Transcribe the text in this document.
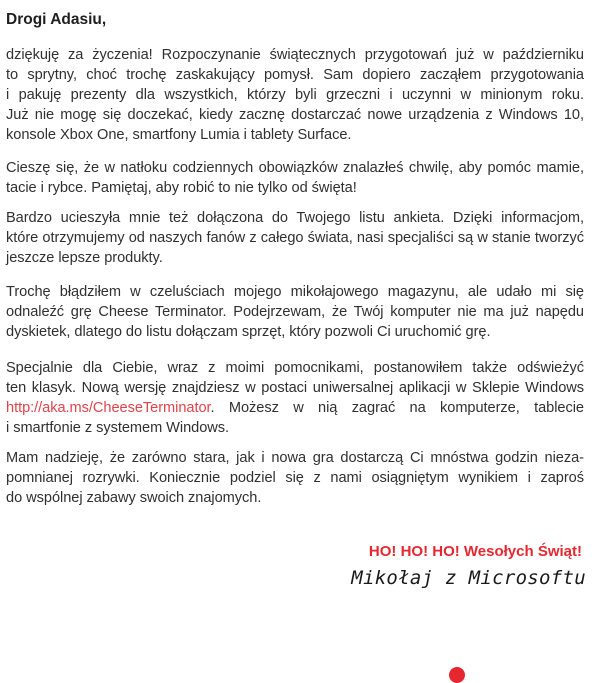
Drogi Adasiu,
dziękuję za życzenia! Rozpoczynanie świątecznych przygotowań już w październiku
to sprytny, choć trochę zaskakujący pomysł. Sam dopiero zacząłem przygotowania
i pakuję prezenty dla wszystkich, którzy byli grzeczni i uczynni w minionym roku.
Już nie mogę się doczekać, kiedy zacznę dostarczać nowe urządzenia z Windows 10,
konsole Xbox One, smartfony Lumia i tablety Surface.
Cieszę się, że w natłoku codziennych obowiązków znalazłeś chwilę, aby pomóc mamie,
tacie i rybce. Pamiętaj, aby robić to nie tylko od święta!
Bardzo ucieszyła mnie też dołączona do Twojego listu ankieta. Dzięki informacjom,
które otrzymujemy od naszych fanów z całego świata, nasi specjaliści są w stanie tworzyć
jeszcze lepsze produkty.
Trochę błądziłem w czeluściach mojego mikołajowego magazynu, ale udało mi się
odnaleźć grę Cheese Terminator. Podejrzewam, że Twój komputer nie ma już napędu
dyskietek, dlatego do listu dołączam sprzęt, który pozwoli Ci uruchomić grę.
Specjalnie dla Ciebie, wraz z moimi pomocnikami, postanowiłem także odświeżyć
ten klasyk. Nową wersję znajdziesz w postaci uniwersalnej aplikacji w Sklepie Windows
http://aka.ms/CheeseTerminator. Możesz w nią zagrać na komputerze, tablecie
i smartfonie z systemem Windows.
Mam nadzieję, że zarówno stara, jak i nowa gra dostarczą Ci mnóstwa godzin nieza-
pomnianej rozrywki. Koniecznie podziel się z nami osiągniętym wynikiem i zaproś
do wspólnej zabawy swoich znajomych.
HO! HO! HO! Wesołych Świąt!
Mikołaj z Microsoftu
